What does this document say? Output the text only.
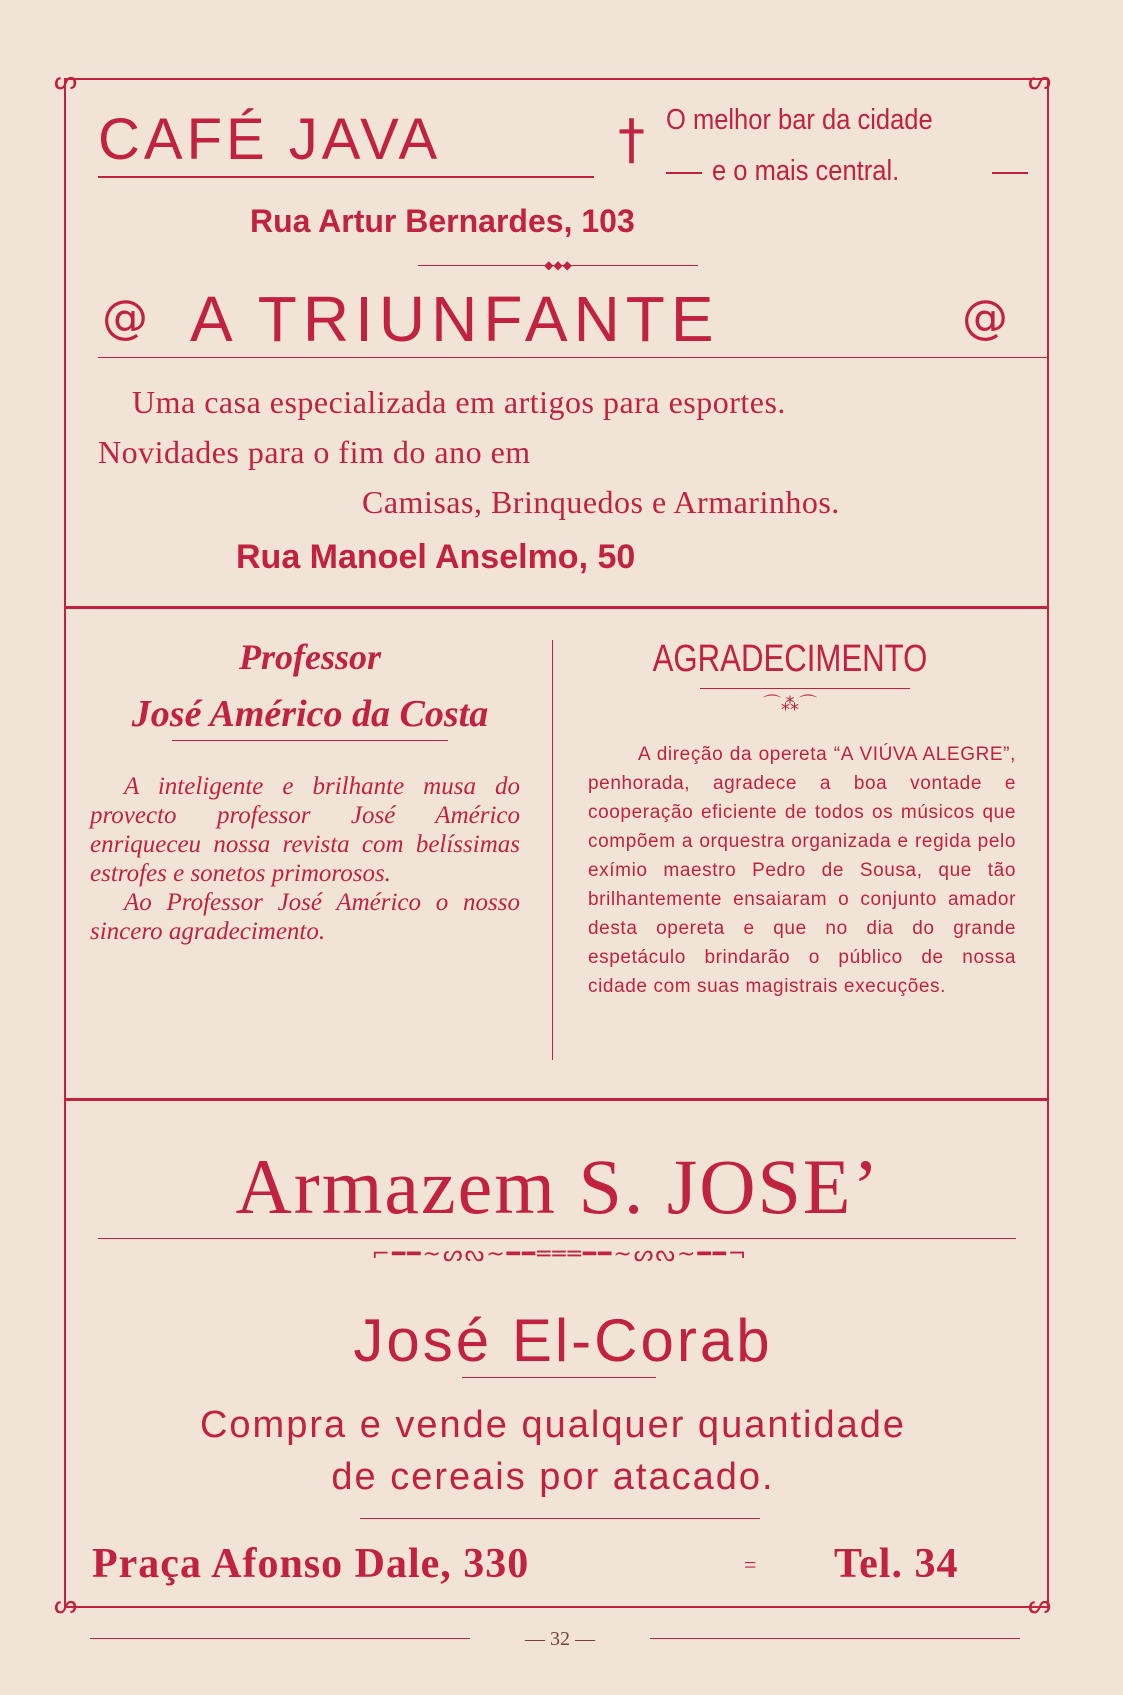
ᔕ	ᔕ
ᔕ	ᔕ
CAFÉ JAVA	† O melhor bar da cidade
e o mais central.
Rua Artur Bernardes, 103
◆◆◆
@ A TRIUNFANTE	@
Uma casa especializada em artigos para esportes.
Novidades para o fim do ano em
Camisas, Brinquedos e Armarinhos.
Rua Manoel Anselmo, 50
Professor
José Américo da Costa

A inteligente e brilhante musa do provecto professor José Américo enriqueceu nossa revista com belíssimas estrofes e sonetos primorosos.

Ao Professor José Américo o nosso sincero agradecimento.

AGRADECIMENTO
⌒⁂⌒
A direção da opereta “A VIÚVA ALEGRE”, penhorada, agradece a boa vontade e cooperação eficiente de todos os músicos que compõem a orquestra organizada e regida pelo exímio maestro Pedro de Sousa, que tão brilhantemente ensaiaram o conjunto amador desta opereta e que no dia do grande espetáculo brindarão o público de nossa cidade com suas magistrais execuções.
Armazem S. JOSE’
⌐━━~ᔕᔓ~━━═══━━~ᔕᔓ~━━¬
José El-Corab
Compra e vende qualquer quantidade
de cereais por atacado.
Praça Afonso Dale, 330	= Tel. 34
— 32 —
